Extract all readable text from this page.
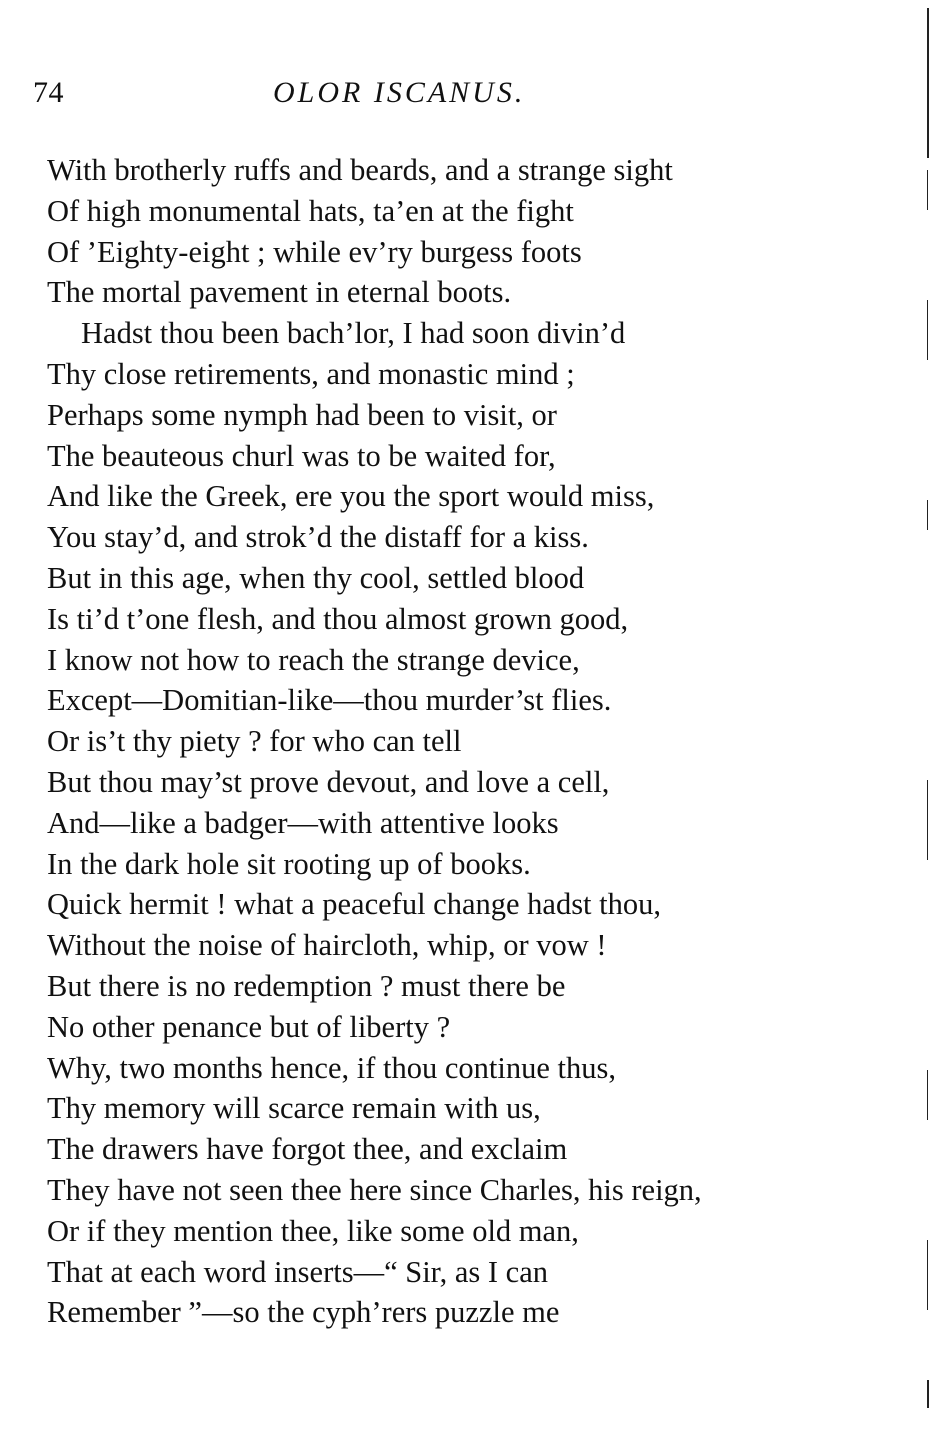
74	OLOR ISCANUS.
With brotherly ruffs and beards, and a strange sight
Of high monumental hats, ta’en at the fight
Of ’Eighty-eight ; while ev’ry burgess foots
The mortal pavement in eternal boots.
Hadst thou been bach’lor, I had soon divin’d
Thy close retirements, and monastic mind ;
Perhaps some nymph had been to visit, or
The beauteous churl was to be waited for,
And like the Greek, ere you the sport would miss,
You stay’d, and strok’d the distaff for a kiss.
But in this age, when thy cool, settled blood
Is ti’d t’one flesh, and thou almost grown good,
I know not how to reach the strange device,
Except—Domitian-like—thou murder’st flies.
Or is’t thy piety ? for who can tell
But thou may’st prove devout, and love a cell,
And—like a badger—with attentive looks
In the dark hole sit rooting up of books.
Quick hermit ! what a peaceful change hadst thou,
Without the noise of haircloth, whip, or vow !
But there is no redemption ? must there be
No other penance but of liberty ?
Why, two months hence, if thou continue thus,
Thy memory will scarce remain with us,
The drawers have forgot thee, and exclaim
They have not seen thee here since Charles, his reign,
Or if they mention thee, like some old man,
That at each word inserts—“ Sir, as I can
Remember ”—so the cyph’rers puzzle me
